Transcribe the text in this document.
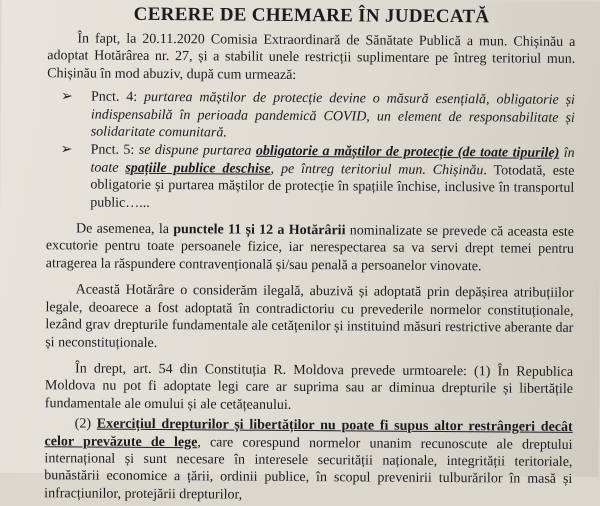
CERERE DE CHEMARE ÎN JUDECATĂ

În fapt, la 20.11.2020 Comisia Extraordinară de Sănătate Publică a mun. Chișinău a adoptat Hotărârea nr. 27, și a stabilit unele restricții suplimentare pe întreg teritoriul mun. Chișinău în mod abuziv, după cum urmează:

➢ Pnct. 4: purtarea măștilor de protecție devine o măsură esențială, obligatorie și indispensabilă în perioada pandemică COVID, un element de responsabilitate și solidaritate comunitară.
➢ Pnct. 5: se dispune purtarea obligatorie a măștilor de protecție (de toate tipurile) în toate spațiile publice deschise, pe întreg teritoriul mun. Chișinău. Totodată, este obligatorie și purtarea măștilor de protecție în spațiile închise, inclusive în transportul public…...

De asemenea, la punctele 11 și 12 a Hotărârii nominalizate se prevede că aceasta este excutorie pentru toate persoanele fizice, iar nerespectarea sa va servi drept temei pentru atragerea la răspundere contravențională și/sau penală a persoanelor vinovate.

Această Hotărâre o considerăm ilegală, abuzivă și adoptată prin depășirea atribuțiilor legale, deoarece a fost adoptată în contradictoriu cu prevederile normelor constituționale, lezând grav drepturile fundamentale ale cetățenilor și instituind măsuri restrictive aberante dar și neconstituționale.

În drept, art. 54 din Constituția R. Moldova prevede urmtoarele: (1) În Republica Moldova nu pot fi adoptate legi care ar suprima sau ar diminua drepturile și libertățile fundamentale ale omului și ale cetățeanului.

(2) Exercițiul drepturilor și libertăților nu poate fi supus altor restrângeri decât celor prevăzute de lege, care corespund normelor unanim recunoscute ale dreptului internațional și sunt necesare în interesele securității naționale, integrității teritoriale, bunăstării economice a țării, ordinii publice, în scopul prevenirii tulburărilor în masă și infracțiunilor, protejării drepturilor,
